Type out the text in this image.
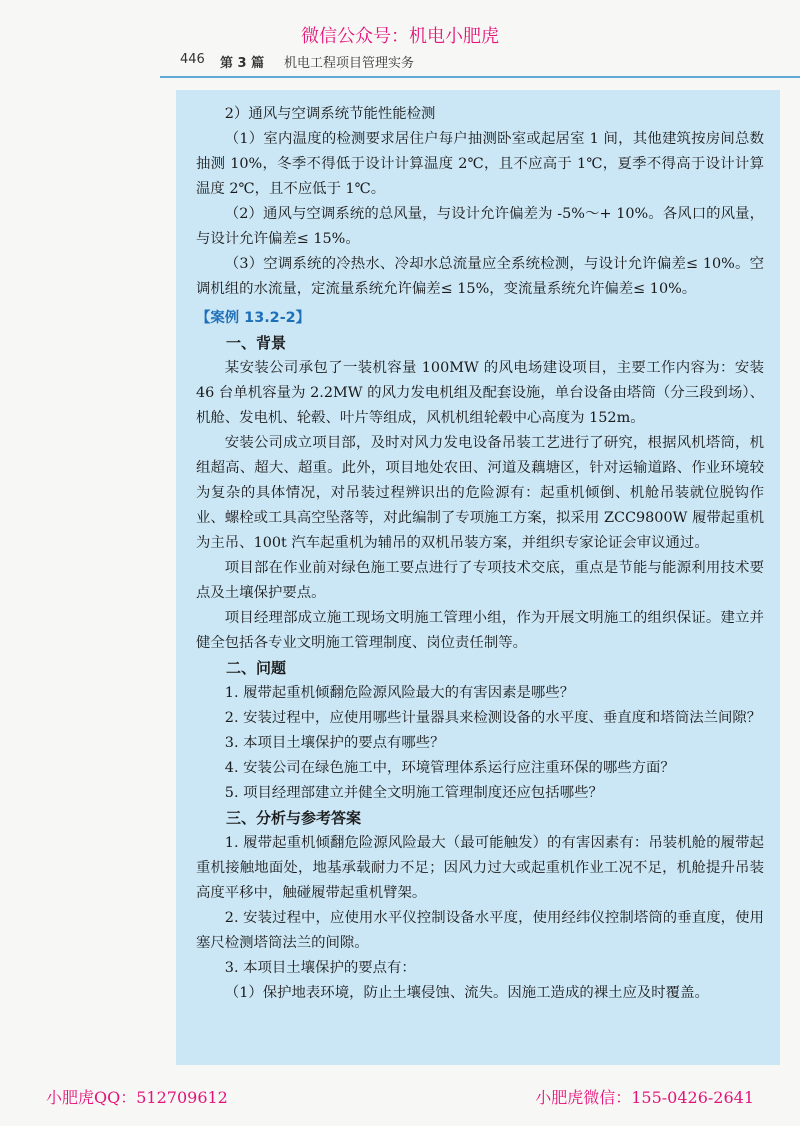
微信公众号：机电小肥虎
446 第 3 篇 机电工程项目管理实务

2）通风与空调系统节能性能检测

（1）室内温度的检测要求居住户每户抽测卧室或起居室 1 间，其他建筑按房间总数抽测 10%，冬季不得低于设计计算温度 2℃，且不应高于 1℃，夏季不得高于设计计算温度 2℃，且不应低于 1℃。

（2）通风与空调系统的总风量，与设计允许偏差为 -5%～+ 10%。各风口的风量，与设计允许偏差≤ 15%。

（3）空调系统的冷热水、冷却水总流量应全系统检测，与设计允许偏差≤ 10%。空调机组的水流量，定流量系统允许偏差≤ 15%，变流量系统允许偏差≤ 10%。

【案例 13.2-2】

一、背景

某安装公司承包了一装机容量 100MW 的风电场建设项目，主要工作内容为：安装 46 台单机容量为 2.2MW 的风力发电机组及配套设施，单台设备由塔筒（分三段到场）、机舱、发电机、轮毂、叶片等组成，风机机组轮毂中心高度为 152m。

安装公司成立项目部，及时对风力发电设备吊装工艺进行了研究，根据风机塔筒，机组超高、超大、超重。此外，项目地处农田、河道及藕塘区，针对运输道路、作业环境较为复杂的具体情况，对吊装过程辨识出的危险源有：起重机倾倒、机舱吊装就位脱钩作业、螺栓或工具高空坠落等，对此编制了专项施工方案，拟采用 ZCC9800W 履带起重机为主吊、100t 汽车起重机为辅吊的双机吊装方案，并组织专家论证会审议通过。

项目部在作业前对绿色施工要点进行了专项技术交底，重点是节能与能源利用技术要点及土壤保护要点。

项目经理部成立施工现场文明施工管理小组，作为开展文明施工的组织保证。建立并健全包括各专业文明施工管理制度、岗位责任制等。

二、问题

1. 履带起重机倾翻危险源风险最大的有害因素是哪些？

2. 安装过程中，应使用哪些计量器具来检测设备的水平度、垂直度和塔筒法兰间隙？

3. 本项目土壤保护的要点有哪些？

4. 安装公司在绿色施工中，环境管理体系运行应注重环保的哪些方面？

5. 项目经理部建立并健全文明施工管理制度还应包括哪些？

三、分析与参考答案

1. 履带起重机倾翻危险源风险最大（最可能触发）的有害因素有：吊装机舱的履带起重机接触地面处，地基承载耐力不足；因风力过大或起重机作业工况不足，机舱提升吊装高度平移中，触碰履带起重机臂架。

2. 安装过程中，应使用水平仪控制设备水平度，使用经纬仪控制塔筒的垂直度，使用塞尺检测塔筒法兰的间隙。

3. 本项目土壤保护的要点有：

（1）保护地表环境，防止土壤侵蚀、流失。因施工造成的裸土应及时覆盖。

小肥虎QQ：512709612	小肥虎微信：155-0426-2641
